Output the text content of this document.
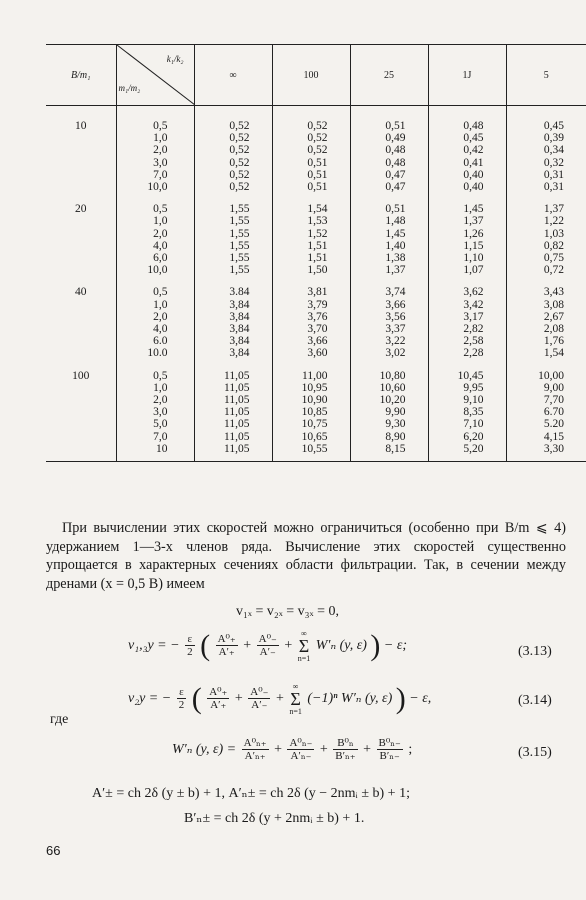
B/m₁	k₁/k₂
m₁/m₂	∞	100	25	1J	5
10	0,5	0,52	0,52	0,51	0,48	0,45
	1,0	0,52	0,52	0,49	0,45	0,39
	2,0	0,52	0,52	0,48	0,42	0,34
	3,0	0,52	0,51	0,48	0,41	0,32
	7,0	0,52	0,51	0,47	0,40	0,31
	10,0	0,52	0,51	0,47	0,40	0,31
20	0,5	1,55	1,54	0,51	1,45	1,37
	1,0	1,55	1,53	1,48	1,37	1,22
	2,0	1,55	1,52	1,45	1,26	1,03
	4,0	1,55	1,51	1,40	1,15	0,82
	6,0	1,55	1,51	1,38	1,10	0,75
	10,0	1,55	1,50	1,37	1,07	0,72
40	0,5	3.84	3,81	3,74	3,62	3,43
	1,0	3,84	3,79	3,66	3,42	3,08
	2,0	3,84	3,76	3,56	3,17	2,67
	4,0	3,84	3,70	3,37	2,82	2,08
	6.0	3,84	3,66	3,22	2,58	1,76
	10.0	3,84	3,60	3,02	2,28	1,54
100	0,5	11,05	11,00	10,80	10,45	10,00
	1,0	11,05	10,95	10,60	9,95	9,00
	2,0	11,05	10,90	10,20	9,10	7,70
	3,0	11,05	10,85	9,90	8,35	6.70
	5,0	11,05	10,75	9,30	7,10	5.20
	7,0	11,05	10,65	8,90	6,20	4,15
	10	11,05	10,55	8,15	5,20	3,30

При вычислении этих скоростей можно ограничиться (особенно при B/m ⩽ 4) удержанием 1—3-х членов ряда. Вычисление этих скоростей существенно упрощается в характерных сечениях области фильтрации. Так, в сечении между дренами (x = 0,5 B) имеем

v₁ₓ = v₂ₓ = v₃ₓ = 0,
v₁,₃y = − $\frac{\varepsilon}{2}$ ( $\frac{\text{A⁰₊}}{A'_+} + \frac{\text{A⁰₋}}{A'_-}$ + ∞
Σ
n=1 W′ₙ (y, ε) ) − ε;	(3.13)
v₂y = − $\frac{\varepsilon}{2}$ ( $\frac{\text{A⁰₊}}{A'_+} + \frac{\text{A⁰₋}}{A'_-}$ + ∞
Σ
n=1 (−1)ⁿ W′ₙ (y, ε) ) − ε,	(3.14)
где
W′ₙ (y, $\varepsilon) = \frac{\text{A⁰ₙ₊}}{\text{A′ₙ₊}} + \frac{\text{A⁰ₙ₋}}{\text{A′ₙ₋}} + \frac{\text{B⁰ₙ}}{\text{B′ₙ₊}} + \frac{\text{B⁰ₙ₋}}{\text{B′ₙ₋}}$ ;	(3.15)
A′± = ch 2δ (y ± b) + 1, A′ₙ± = ch 2δ (y − 2nmᵢ ± b) + 1;
B′ₙ± = ch 2δ (y + 2nmᵢ ± b) + 1.
66
